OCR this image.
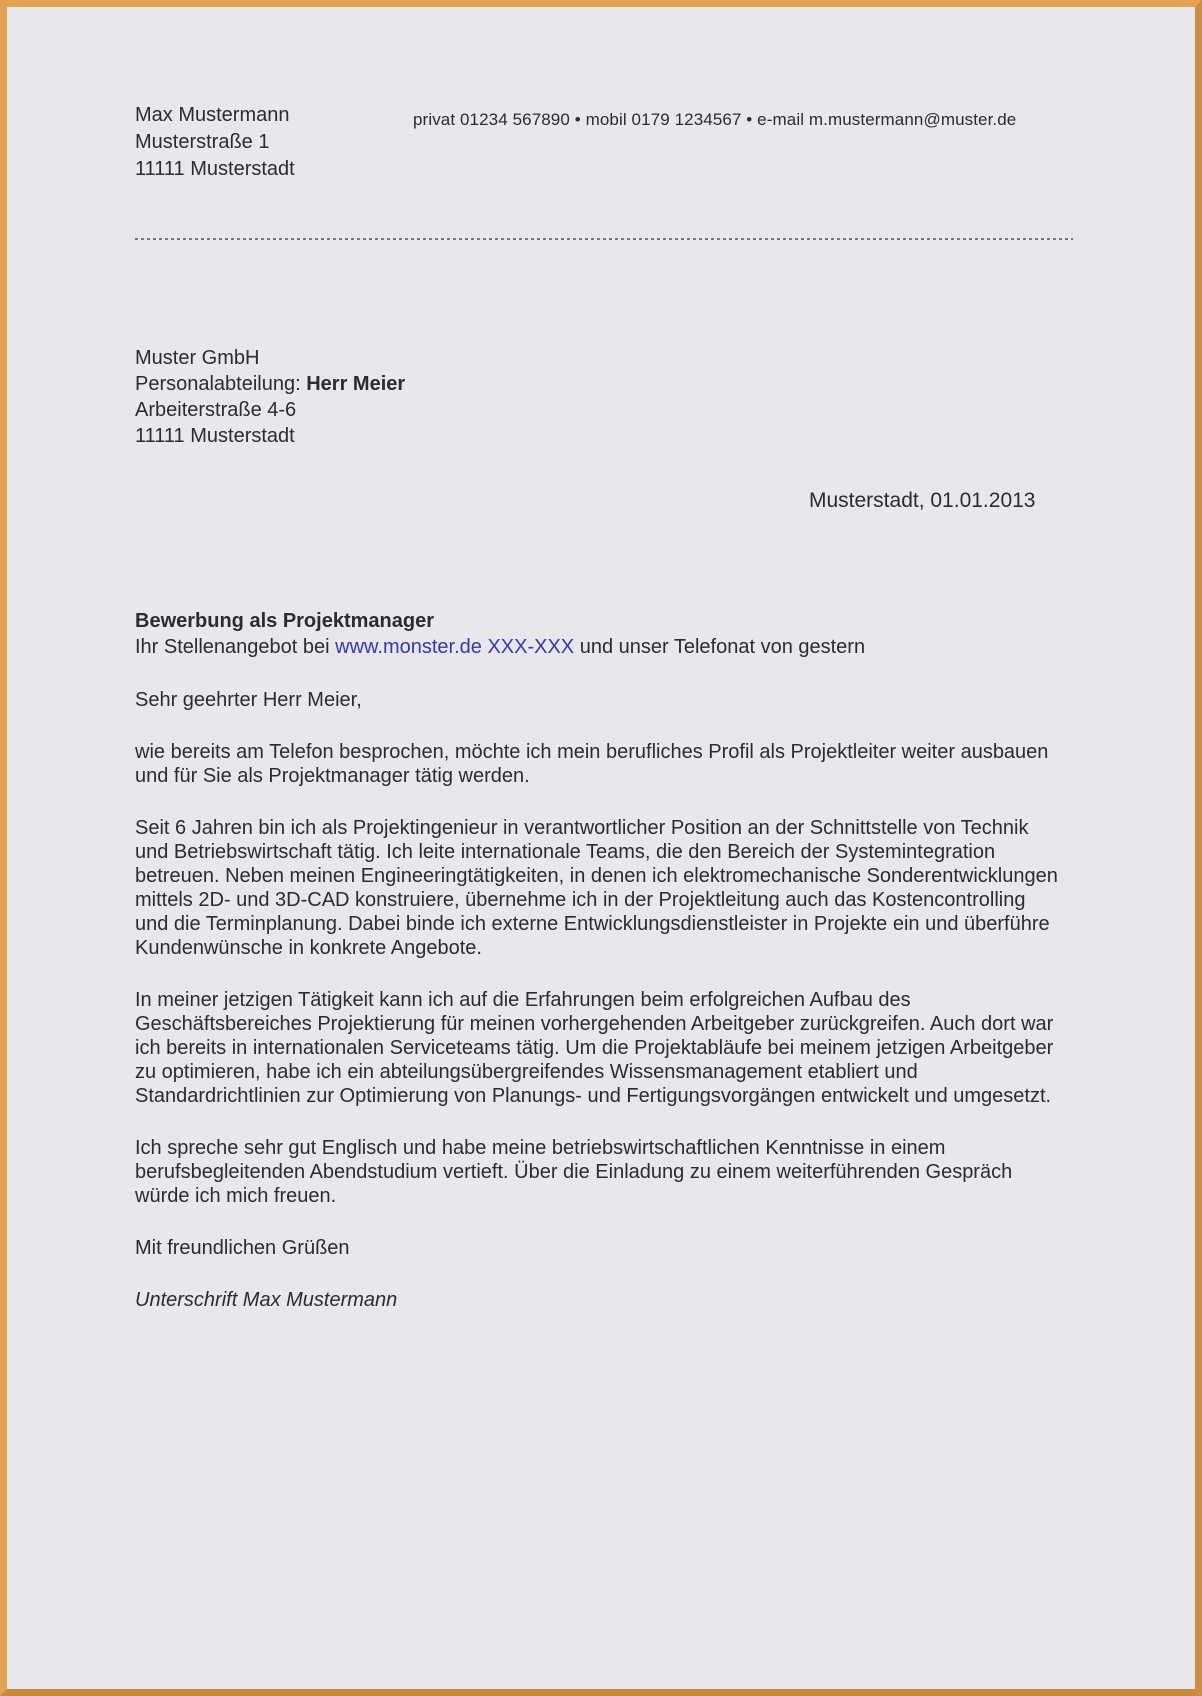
Max Mustermann
Musterstraße 1
11111 Musterstadt
privat 01234 567890 • mobil 0179 1234567 • e-mail m.mustermann@muster.de
Muster GmbH
Personalabteilung: Herr Meier
Arbeiterstraße 4-6
11111 Musterstadt
Musterstadt, 01.01.2013
Bewerbung als Projektmanager
Ihr Stellenangebot bei www.monster.de XXX-XXX und unser Telefonat von gestern

Sehr geehrter Herr Meier,

wie bereits am Telefon besprochen, möchte ich mein berufliches Profil als Projektleiter weiter ausbauen und für Sie als Projektmanager tätig werden.

Seit 6 Jahren bin ich als Projektingenieur in verantwortlicher Position an der Schnittstelle von Technik und Betriebswirtschaft tätig. Ich leite internationale Teams, die den Bereich der Systemintegration betreuen. Neben meinen Engineeringtätigkeiten, in denen ich elektromechanische Sonderentwicklungen mittels 2D- und 3D-CAD konstruiere, übernehme ich in der Projektleitung auch das Kostencontrolling und die Terminplanung. Dabei binde ich externe Entwicklungsdienstleister in Projekte ein und überführe Kundenwünsche in konkrete Angebote.

In meiner jetzigen Tätigkeit kann ich auf die Erfahrungen beim erfolgreichen Aufbau des Geschäftsbereiches Projektierung für meinen vorhergehenden Arbeitgeber zurückgreifen. Auch dort war ich bereits in internationalen Serviceteams tätig. Um die Projektabläufe bei meinem jetzigen Arbeitgeber zu optimieren, habe ich ein abteilungsübergreifendes Wissensmanagement etabliert und Standardrichtlinien zur Optimierung von Planungs- und Fertigungsvorgängen entwickelt und umgesetzt.

Ich spreche sehr gut Englisch und habe meine betriebswirtschaftlichen Kenntnisse in einem berufsbegleitenden Abendstudium vertieft. Über die Einladung zu einem weiterführenden Gespräch würde ich mich freuen.

Mit freundlichen Grüßen

Unterschrift Max Mustermann
